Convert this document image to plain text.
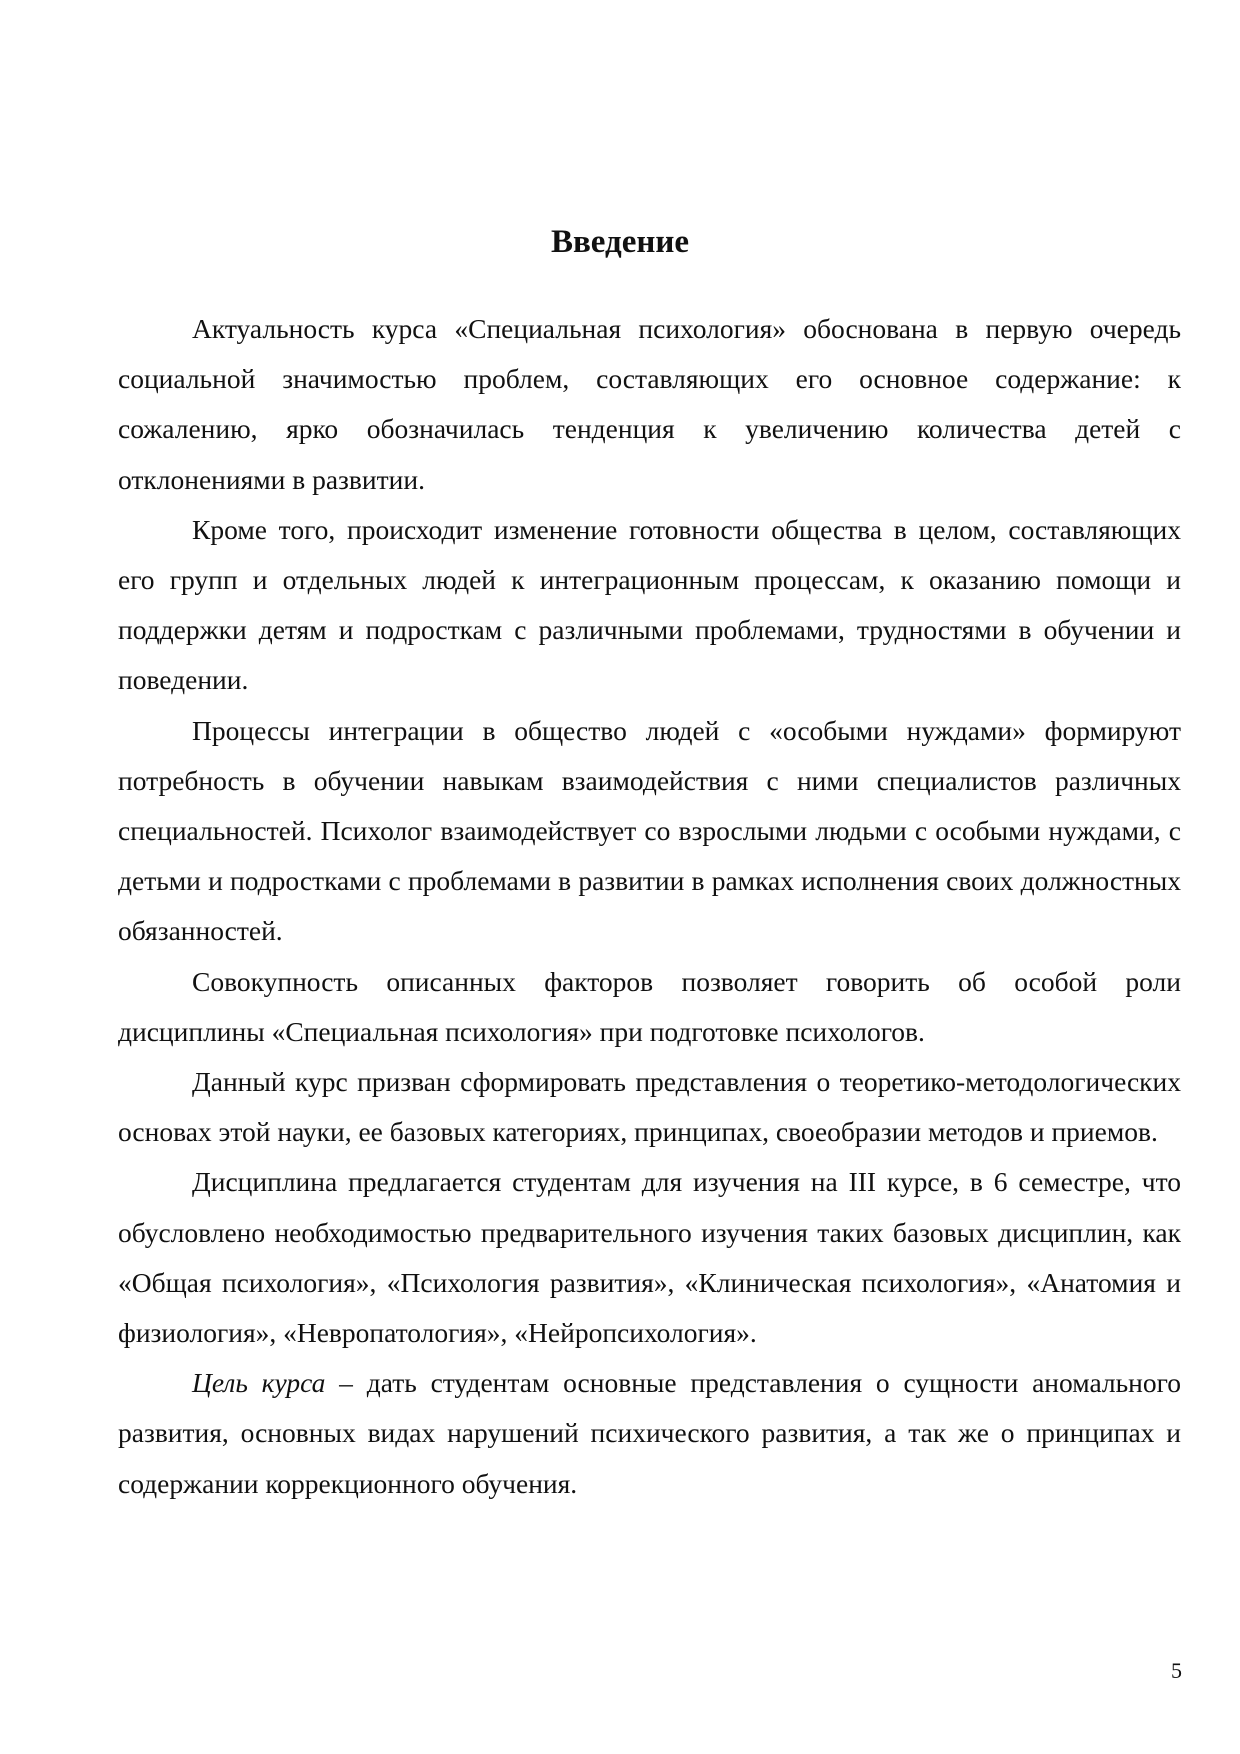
Введение

Актуальность курса «Специальная психология» обоснована в первую очередь социальной значимостью проблем, составляющих его основное содержание: к сожалению, ярко обозначилась тенденция к увеличению количества детей с отклонениями в развитии.

Кроме того, происходит изменение готовности общества в целом, составляющих его групп и отдельных людей к интеграционным процессам, к оказанию помощи и поддержки детям и подросткам с различными проблемами, трудностями в обучении и поведении.

Процессы интеграции в общество людей с «особыми нуждами» формируют потребность в обучении навыкам взаимодействия с ними специалистов различных специальностей. Психолог взаимодействует со взрослыми людьми с особыми нуждами, с детьми и подростками с проблемами в развитии в рамках исполнения своих должностных обязанностей.

Совокупность описанных факторов позволяет говорить об особой роли дисциплины «Специальная психология» при подготовке психологов.

Данный курс призван сформировать представления о теоретико-методологических основах этой науки, ее базовых категориях, принципах, своеобразии методов и приемов.

Дисциплина предлагается студентам для изучения на III курсе, в 6 семестре, что обусловлено необходимостью предварительного изучения таких базовых дисциплин, как «Общая психология», «Психология развития», «Клиническая психология», «Анатомия и физиология», «Невропатология», «Нейропсихология».

Цель курса – дать студентам основные представления о сущности аномального развития, основных видах нарушений психического развития, а так же о принципах и содержании коррекционного обучения.

5
